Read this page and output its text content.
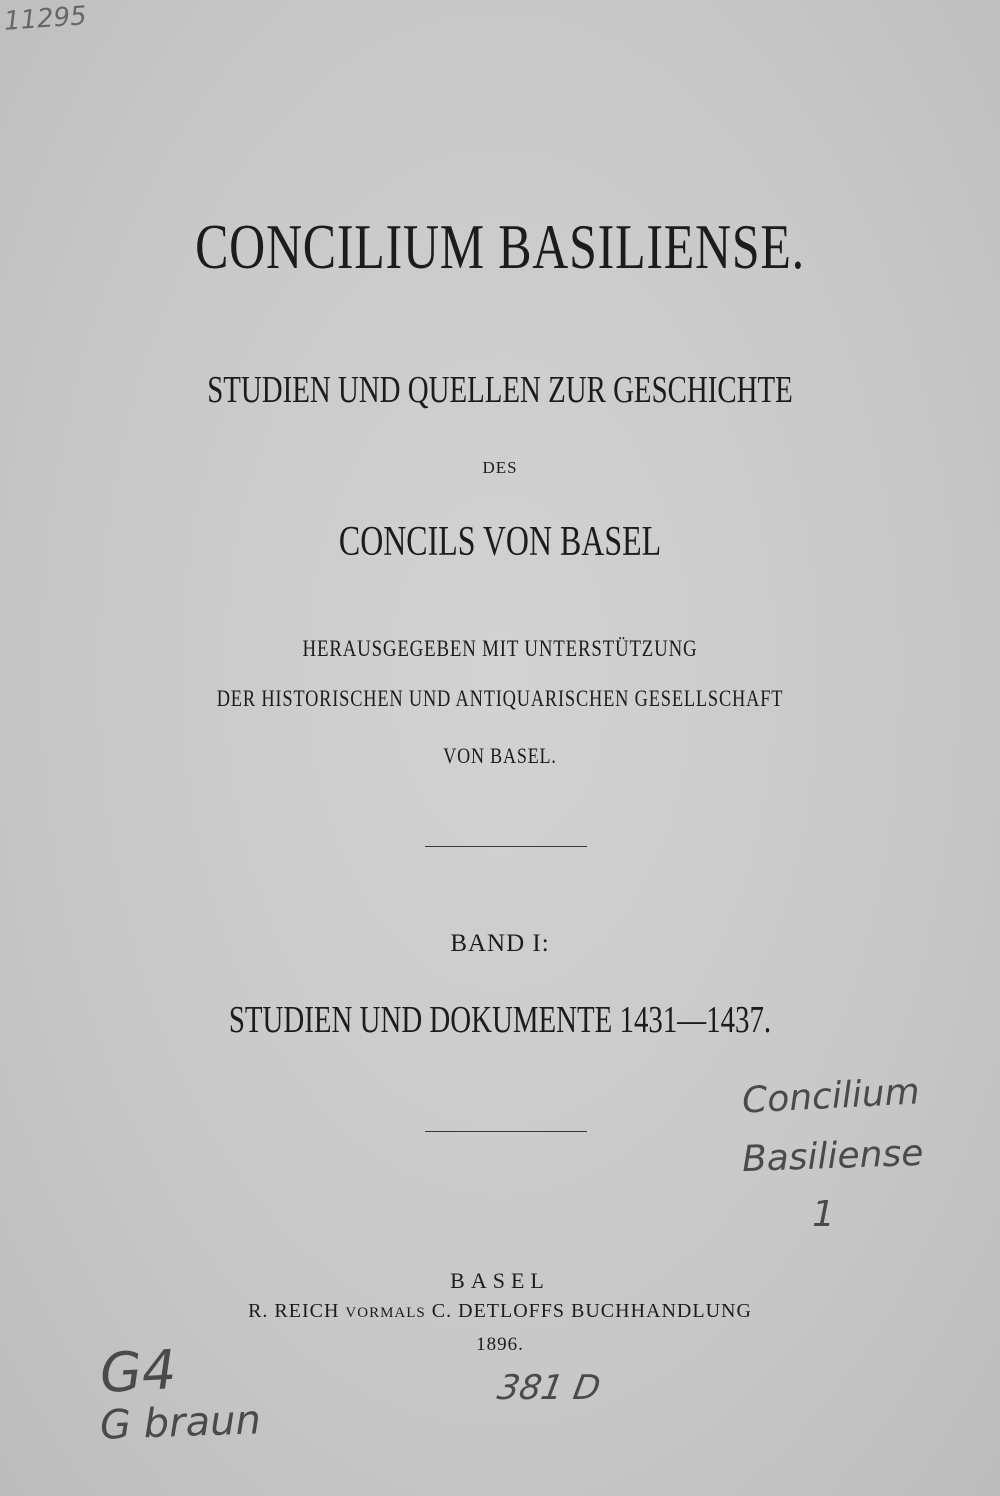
11295
CONCILIUM BASILIENSE.
STUDIEN UND QUELLEN ZUR GESCHICHTE
DES
CONCILS VON BASEL
HERAUSGEGEBEN MIT UNTERSTÜTZUNG
DER HISTORISCHEN UND ANTIQUARISCHEN GESELLSCHAFT
VON BASEL.
BAND I:
STUDIEN UND DOKUMENTE 1431—1437.
Concilium
Basiliense
1
BASEL
R. REICH VORMALS C. DETLOFFS BUCHHANDLUNG
1896.
G4
G braun
381 D
